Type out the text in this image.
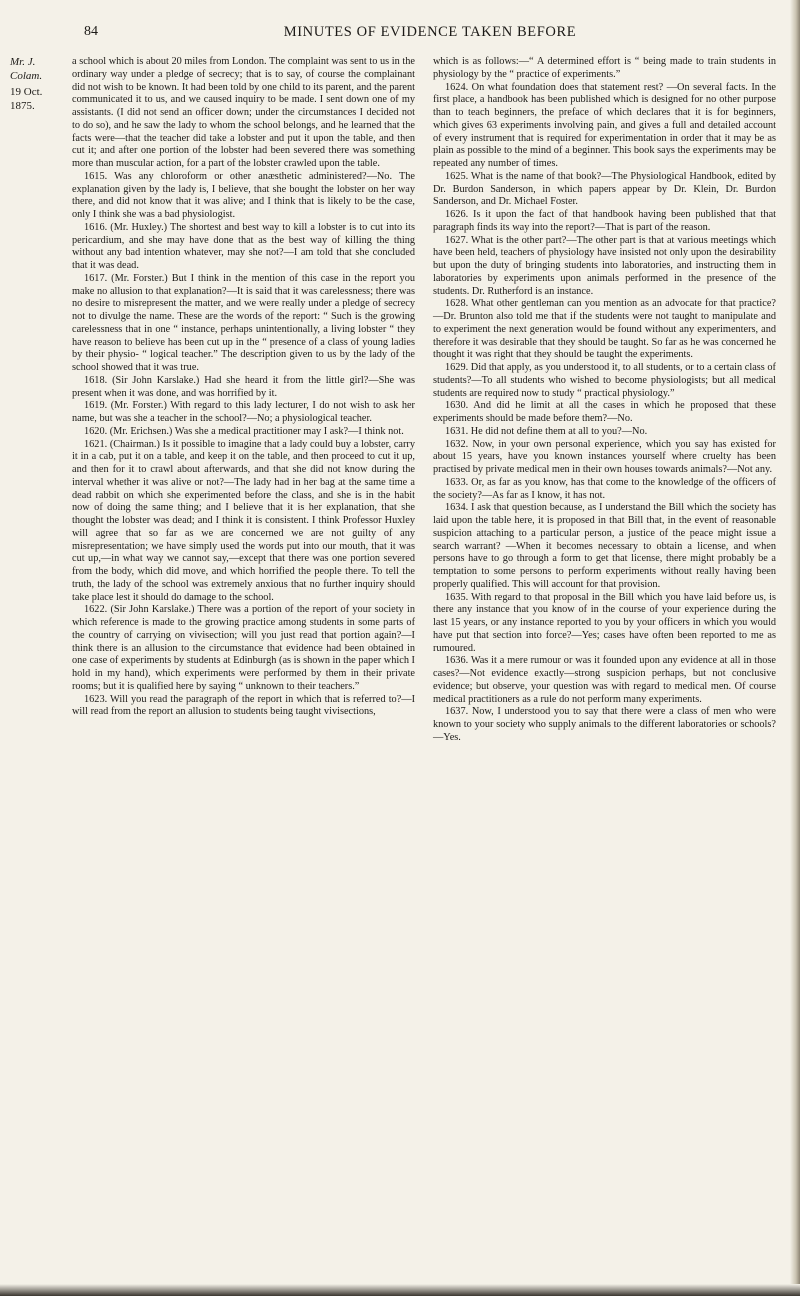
84	MINUTES OF EVIDENCE TAKEN BEFORE
Mr. J. Colam.
19 Oct. 1875.

a school which is about 20 miles from London. The complaint was sent to us in the ordinary way under a pledge of secrecy; that is to say, of course the complainant did not wish to be known. It had been told by one child to its parent, and the parent communicated it to us, and we caused inquiry to be made. I sent down one of my assistants. (I did not send an officer down; under the circumstances I decided not to do so), and he saw the lady to whom the school belongs, and he learned that the facts were—that the teacher did take a lobster and put it upon the table, and then cut it; and after one portion of the lobster had been severed there was something more than muscular action, for a part of the lobster crawled upon the table.

1615. Was any chloroform or other anæsthetic administered?—No. The explanation given by the lady is, I believe, that she bought the lobster on her way there, and did not know that it was alive; and I think that is likely to be the case, only I think she was a bad physiologist.

1616. (Mr. Huxley.) The shortest and best way to kill a lobster is to cut into its pericardium, and she may have done that as the best way of killing the thing without any bad intention whatever, may she not?—I am told that she concluded that it was dead.

1617. (Mr. Forster.) But I think in the mention of this case in the report you make no allusion to that explanation?—It is said that it was carelessness; there was no desire to misrepresent the matter, and we were really under a pledge of secrecy not to divulge the name. These are the words of the report: “ Such is the growing carelessness that in one “ instance, perhaps unintentionally, a living lobster “ they have reason to believe has been cut up in the “ presence of a class of young ladies by their physio- “ logical teacher.” The description given to us by the lady of the school showed that it was true.

1618. (Sir John Karslake.) Had she heard it from the little girl?—She was present when it was done, and was horrified by it.

1619. (Mr. Forster.) With regard to this lady lecturer, I do not wish to ask her name, but was she a teacher in the school?—No; a physiological teacher.

1620. (Mr. Erichsen.) Was she a medical practitioner may I ask?—I think not.

1621. (Chairman.) Is it possible to imagine that a lady could buy a lobster, carry it in a cab, put it on a table, and keep it on the table, and then proceed to cut it up, and then for it to crawl about afterwards, and that she did not know during the interval whether it was alive or not?—The lady had in her bag at the same time a dead rabbit on which she experimented before the class, and she is in the habit now of doing the same thing; and I believe that it is her explanation, that she thought the lobster was dead; and I think it is consistent. I think Professor Huxley will agree that so far as we are concerned we are not guilty of any misrepresentation; we have simply used the words put into our mouth, that it was cut up,—in what way we cannot say,—except that there was one portion severed from the body, which did move, and which horrified the people there. To tell the truth, the lady of the school was extremely anxious that no further inquiry should take place lest it should do damage to the school.

1622. (Sir John Karslake.) There was a portion of the report of your society in which reference is made to the growing practice among students in some parts of the country of carrying on vivisection; will you just read that portion again?—I think there is an allusion to the circumstance that evidence had been obtained in one case of experiments by students at Edinburgh (as is shown in the paper which I hold in my hand), which experiments were performed by them in their private rooms; but it is qualified here by saying “ unknown to their teachers.”

1623. Will you read the paragraph of the report in which that is referred to?—I will read from the report an allusion to students being taught vivisections,

which is as follows:—“ A determined effort is “ being made to train students in physiology by the “ practice of experiments.”

1624. On what foundation does that statement rest? —On several facts. In the first place, a handbook has been published which is designed for no other purpose than to teach beginners, the preface of which declares that it is for beginners, which gives 63 experiments involving pain, and gives a full and detailed account of every instrument that is required for experimentation in order that it may be as plain as possible to the mind of a beginner. This book says the experiments may be repeated any number of times.

1625. What is the name of that book?—The Physiological Handbook, edited by Dr. Burdon Sanderson, in which papers appear by Dr. Klein, Dr. Burdon Sanderson, and Dr. Michael Foster.

1626. Is it upon the fact of that handbook having been published that that paragraph finds its way into the report?—That is part of the reason.

1627. What is the other part?—The other part is that at various meetings which have been held, teachers of physiology have insisted not only upon the desirability but upon the duty of bringing students into laboratories, and instructing them in laboratories by experiments upon animals performed in the presence of the students. Dr. Rutherford is an instance.

1628. What other gentleman can you mention as an advocate for that practice?—Dr. Brunton also told me that if the students were not taught to manipulate and to experiment the next generation would be found without any experimenters, and therefore it was desirable that they should be taught. So far as he was concerned he thought it was right that they should be taught the experiments.

1629. Did that apply, as you understood it, to all students, or to a certain class of students?—To all students who wished to become physiologists; but all medical students are required now to study “ practical physiology.”

1630. And did he limit at all the cases in which he proposed that these experiments should be made before them?—No.

1631. He did not define them at all to you?—No.

1632. Now, in your own personal experience, which you say has existed for about 15 years, have you known instances yourself where cruelty has been practised by private medical men in their own houses towards animals?—Not any.

1633. Or, as far as you know, has that come to the knowledge of the officers of the society?—As far as I know, it has not.

1634. I ask that question because, as I understand the Bill which the society has laid upon the table here, it is proposed in that Bill that, in the event of reasonable suspicion attaching to a particular person, a justice of the peace might issue a search warrant? —When it becomes necessary to obtain a license, and when persons have to go through a form to get that license, there might probably be a temptation to some persons to perform experiments without really having been properly qualified. This will account for that provision.

1635. With regard to that proposal in the Bill which you have laid before us, is there any instance that you know of in the course of your experience during the last 15 years, or any instance reported to you by your officers in which you would have put that section into force?—Yes; cases have often been reported to me as rumoured.

1636. Was it a mere rumour or was it founded upon any evidence at all in those cases?—Not evidence exactly—strong suspicion perhaps, but not conclusive evidence; but observe, your question was with regard to medical men. Of course medical practitioners as a rule do not perform many experiments.

1637. Now, I understood you to say that there were a class of men who were known to your society who supply animals to the different laboratories or schools?—Yes.
